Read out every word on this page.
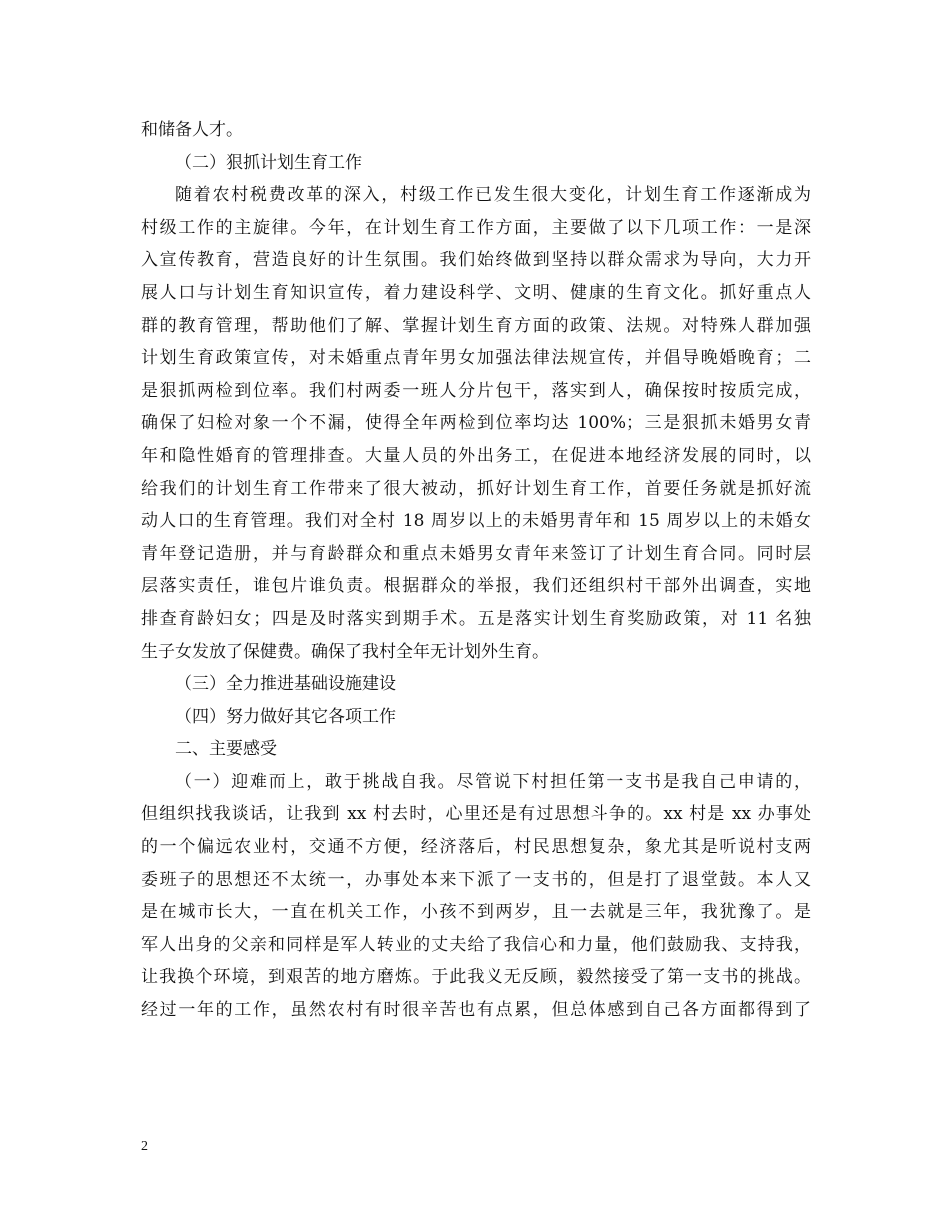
和储备人才。
（二）狠抓计划生育工作
随着农村税费改革的深入，村级工作已发生很大变化，计划生育工作逐渐成为
村级工作的主旋律。今年，在计划生育工作方面，主要做了以下几项工作：一是深
入宣传教育，营造良好的计生氛围。我们始终做到坚持以群众需求为导向，大力开
展人口与计划生育知识宣传，着力建设科学、文明、健康的生育文化。抓好重点人
群的教育管理，帮助他们了解、掌握计划生育方面的政策、法规。对特殊人群加强
计划生育政策宣传，对未婚重点青年男女加强法律法规宣传，并倡导晚婚晚育；二
是狠抓两检到位率。我们村两委一班人分片包干，落实到人，确保按时按质完成，
确保了妇检对象一个不漏，使得全年两检到位率均达 100%；三是狠抓未婚男女青
年和隐性婚育的管理排查。大量人员的外出务工，在促进本地经济发展的同时，以
给我们的计划生育工作带来了很大被动，抓好计划生育工作，首要任务就是抓好流
动人口的生育管理。我们对全村 18 周岁以上的未婚男青年和 15 周岁以上的未婚女
青年登记造册，并与育龄群众和重点未婚男女青年来签订了计划生育合同。同时层
层落实责任，谁包片谁负责。根据群众的举报，我们还组织村干部外出调查，实地
排查育龄妇女；四是及时落实到期手术。五是落实计划生育奖励政策，对 11 名独
生子女发放了保健费。确保了我村全年无计划外生育。
（三）全力推进基础设施建设
（四）努力做好其它各项工作
二、主要感受
（一）迎难而上，敢于挑战自我。尽管说下村担任第一支书是我自己申请的，
但组织找我谈话，让我到 xx 村去时，心里还是有过思想斗争的。xx 村是 xx 办事处
的一个偏远农业村，交通不方便，经济落后，村民思想复杂，象尤其是听说村支两
委班子的思想还不太统一，办事处本来下派了一支书的，但是打了退堂鼓。本人又
是在城市长大，一直在机关工作，小孩不到两岁，且一去就是三年，我犹豫了。是
军人出身的父亲和同样是军人转业的丈夫给了我信心和力量，他们鼓励我、支持我，
让我换个环境，到艰苦的地方磨炼。于此我义无反顾，毅然接受了第一支书的挑战。
经过一年的工作，虽然农村有时很辛苦也有点累，但总体感到自己各方面都得到了
2
